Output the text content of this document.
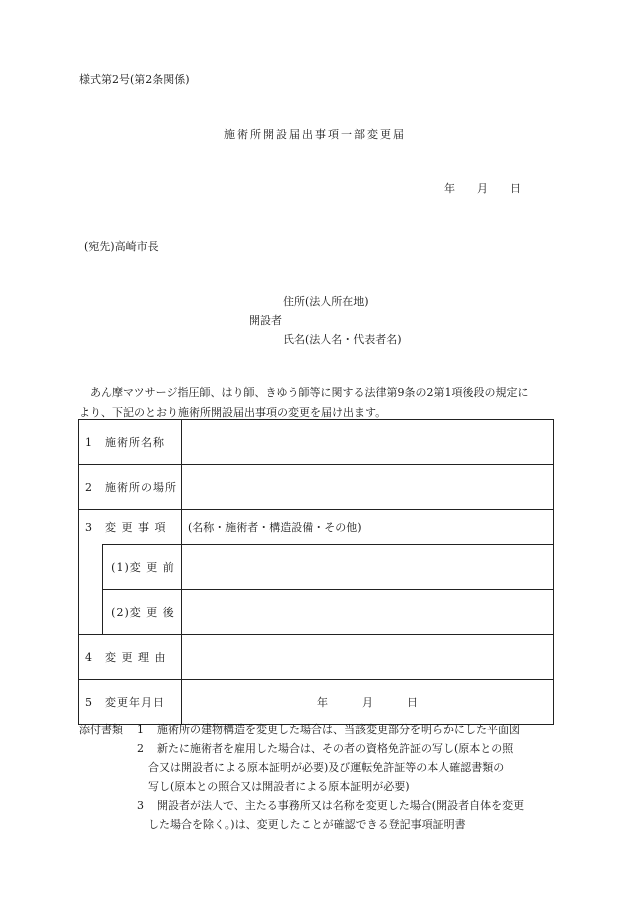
様式第2号(第2条関係)
施術所開設届出事項一部変更届
年 月 日
(宛先)高崎市長
住所(法人所在地)
開設者
氏名(法人名・代表者名)

あん摩マツサージ指圧師、はり師、きゆう師等に関する法律第9条の2第1項後段の規定に

より、下記のとおり施術所開設届出事項の変更を届け出ます。

1　施術所名称		
2　施術所の場所		
3　変 更 事 項		(名称・施術者・構造設備・その他)
	(1)変 更 前	
	(2)変 更 後	
4　変 更 理 由		
5　変更年月日		年 月 日
添付書類 1 施術所の建物構造を変更した場合は、当該変更部分を明らかにした平面図
2 新たに施術者を雇用した場合は、その者の資格免許証の写し(原本との照
合又は開設者による原本証明が必要)及び運転免許証等の本人確認書類の
写し(原本との照合又は開設者による原本証明が必要)
3 開設者が法人で、主たる事務所又は名称を変更した場合(開設者自体を変更
した場合を除く。)は、変更したことが確認できる登記事項証明書
